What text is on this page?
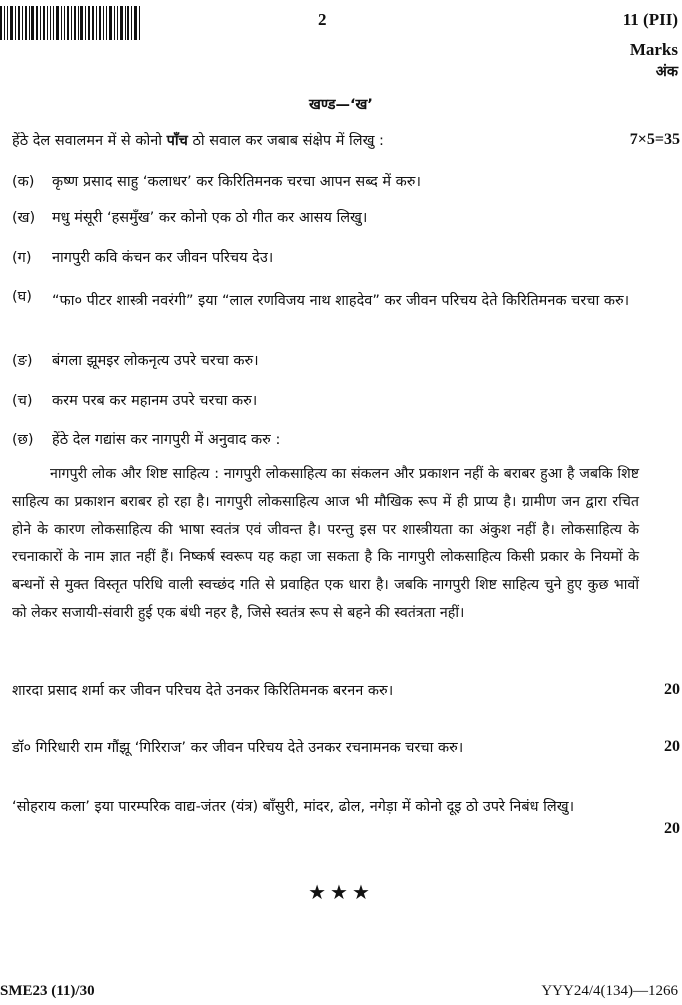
2	11 (PII)
Marks
अंक
खण्ड—‘ख’
हेंठे देल सवालमन में से कोनो पाँच ठो सवाल कर जबाब संक्षेप में लिखु :	7×5=35
(क)	कृष्ण प्रसाद साहु ‘कलाधर’ कर किरितिमनक चरचा आपन सब्द में करु।
(ख)	मधु मंसूरी ‘हसमुँख’ कर कोनो एक ठो गीत कर आसय लिखु।
(ग)	नागपुरी कवि कंचन कर जीवन परिचय देउ।
(घ)	“फा० पीटर शास्त्री नवरंगी” इया “लाल रणविजय नाथ शाहदेव” कर जीवन परिचय देते किरितिमनक चरचा करु।
(ङ)	बंगला झूमइर लोकनृत्य उपरे चरचा करु।
(च)	करम परब कर महानम उपरे चरचा करु।
(छ)	हेंठे देल गद्यांस कर नागपुरी में अनुवाद करु :
नागपुरी लोक और शिष्ट साहित्य : नागपुरी लोकसाहित्य का संकलन और प्रकाशन नहीं के बराबर हुआ है जबकि शिष्ट साहित्य का प्रकाशन बराबर हो रहा है। नागपुरी लोकसाहित्य आज भी मौखिक रूप में ही प्राप्य है। ग्रामीण जन द्वारा रचित होने के कारण लोकसाहित्य की भाषा स्वतंत्र एवं जीवन्त है। परन्तु इस पर शास्त्रीयता का अंकुश नहीं है। लोकसाहित्य के रचनाकारों के नाम ज्ञात नहीं हैं। निष्कर्ष स्वरूप यह कहा जा सकता है कि नागपुरी लोकसाहित्य किसी प्रकार के नियमों के बन्धनों से मुक्त विस्तृत परिधि वाली स्वच्छंद गति से प्रवाहित एक धारा है। जबकि नागपुरी शिष्ट साहित्य चुने हुए कुछ भावों को लेकर सजायी-संवारी हुई एक बंधी नहर है, जिसे स्वतंत्र रूप से बहने की स्वतंत्रता नहीं।
शारदा प्रसाद शर्मा कर जीवन परिचय देते उनकर किरितिमनक बरनन करु।	20
डॉ० गिरिधारी राम गौंझू ‘गिरिराज’ कर जीवन परिचय देते उनकर रचनामनक चरचा करु।	20
‘सोहराय कला’ इया पारम्परिक वाद्य-जंतर (यंत्र) बाँसुरी, मांदर, ढोल, नगेड़ा में कोनो दूइ ठो उपरे निबंध लिखु।
20
★★★
SME23 (11)/30	YYY24/4(134)—1266
